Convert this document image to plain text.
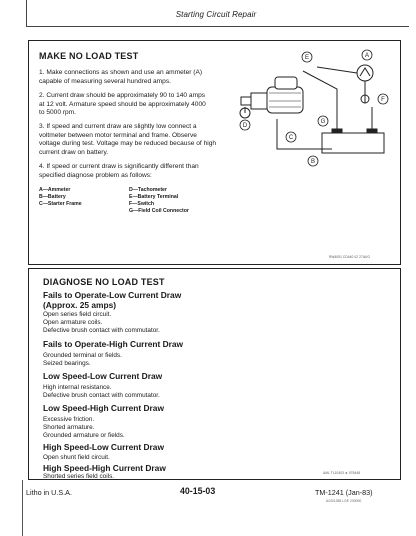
Starting Circuit Repair
MAKE NO LOAD TEST
1. Make connections as shown and use an ammeter (A)
capable of measuring several hundred amps.
2. Current draw should be approximately 90 to 140 amps
at 12 volt. Armature speed should be approximately 4000
to 5000 rpm.
3. If speed and current draw are slightly low connect a
voltmeter between motor terminal and frame. Observe
voltage during test. Voltage may be reduced because of high
current draw on battery.
4. If speed or current draw is significantly different than
specified diagnose problem as follows:
A—Ammeter
B—Battery
C—Starter Frame
D—Tachometer
E—Battery Terminal
F—Switch
G—Field Coil Connector
E	A
F
D
G
C
B
RW4051 CD440 02 27AUG
DIAGNOSE NO LOAD TEST
Fails to Operate-Low Current Draw
(Approx. 25 amps)
Open series field circuit.
Open armature coils.
Defective brush contact with commutator.
Fails to Operate-High Current Draw
Grounded terminal or fields.
Seized bearings.
Low Speed-Low Current Draw
High internal resistance.
Defective brush contact with commutator.
Low Speed-High Current Draw
Excessive friction.
Shorted armature.
Grounded armature or fields.
High Speed-Low Current Draw
Open shunt field circuit.
High Speed-High Current Draw
Shorted series field coils.	AML TL10403 ★ 076448
Litho in U.S.A.	40-15-03	TM-1241 (Jan-83)
AG0/1285 LGE 230000
